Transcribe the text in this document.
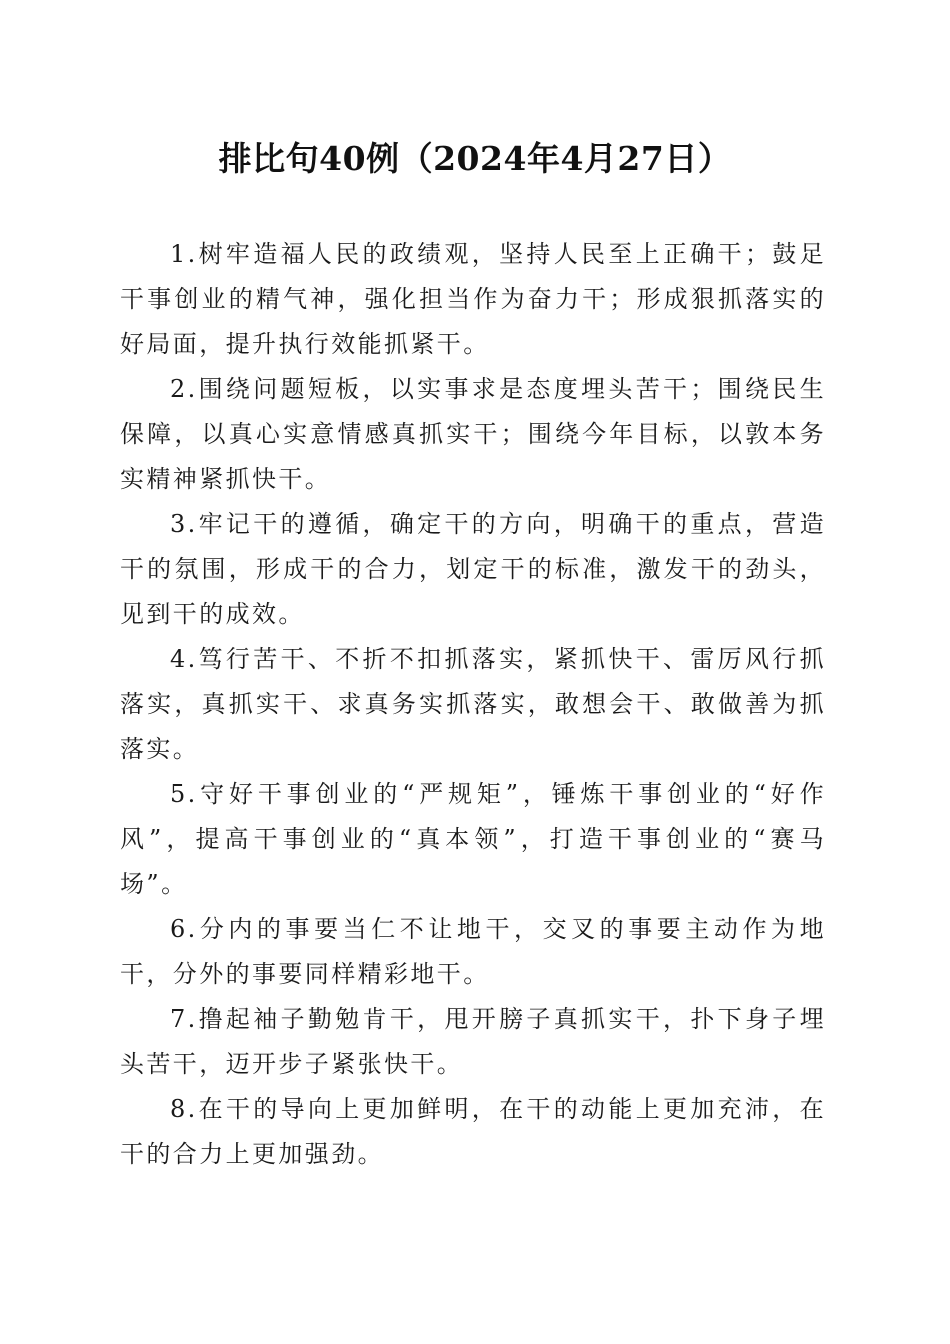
排比句40例（2024年4月27日）

1.树牢造福人民的政绩观，坚持人民至上正确干；鼓足干事创业的精气神，强化担当作为奋力干；形成狠抓落实的好局面，提升执行效能抓紧干。

2.围绕问题短板，以实事求是态度埋头苦干；围绕民生保障，以真心实意情感真抓实干；围绕今年目标，以敦本务实精神紧抓快干。

3.牢记干的遵循，确定干的方向，明确干的重点，营造干的氛围，形成干的合力，划定干的标准，激发干的劲头，见到干的成效。

4.笃行苦干、不折不扣抓落实，紧抓快干、雷厉风行抓落实，真抓实干、求真务实抓落实，敢想会干、敢做善为抓落实。

5.守好干事创业的“严规矩”，锤炼干事创业的“好作风”，提高干事创业的“真本领”，打造干事创业的“赛马场”。

6.分内的事要当仁不让地干，交叉的事要主动作为地干，分外的事要同样精彩地干。

7.撸起袖子勤勉肯干，甩开膀子真抓实干，扑下身子埋头苦干，迈开步子紧张快干。

8.在干的导向上更加鲜明，在干的动能上更加充沛，在干的合力上更加强劲。
